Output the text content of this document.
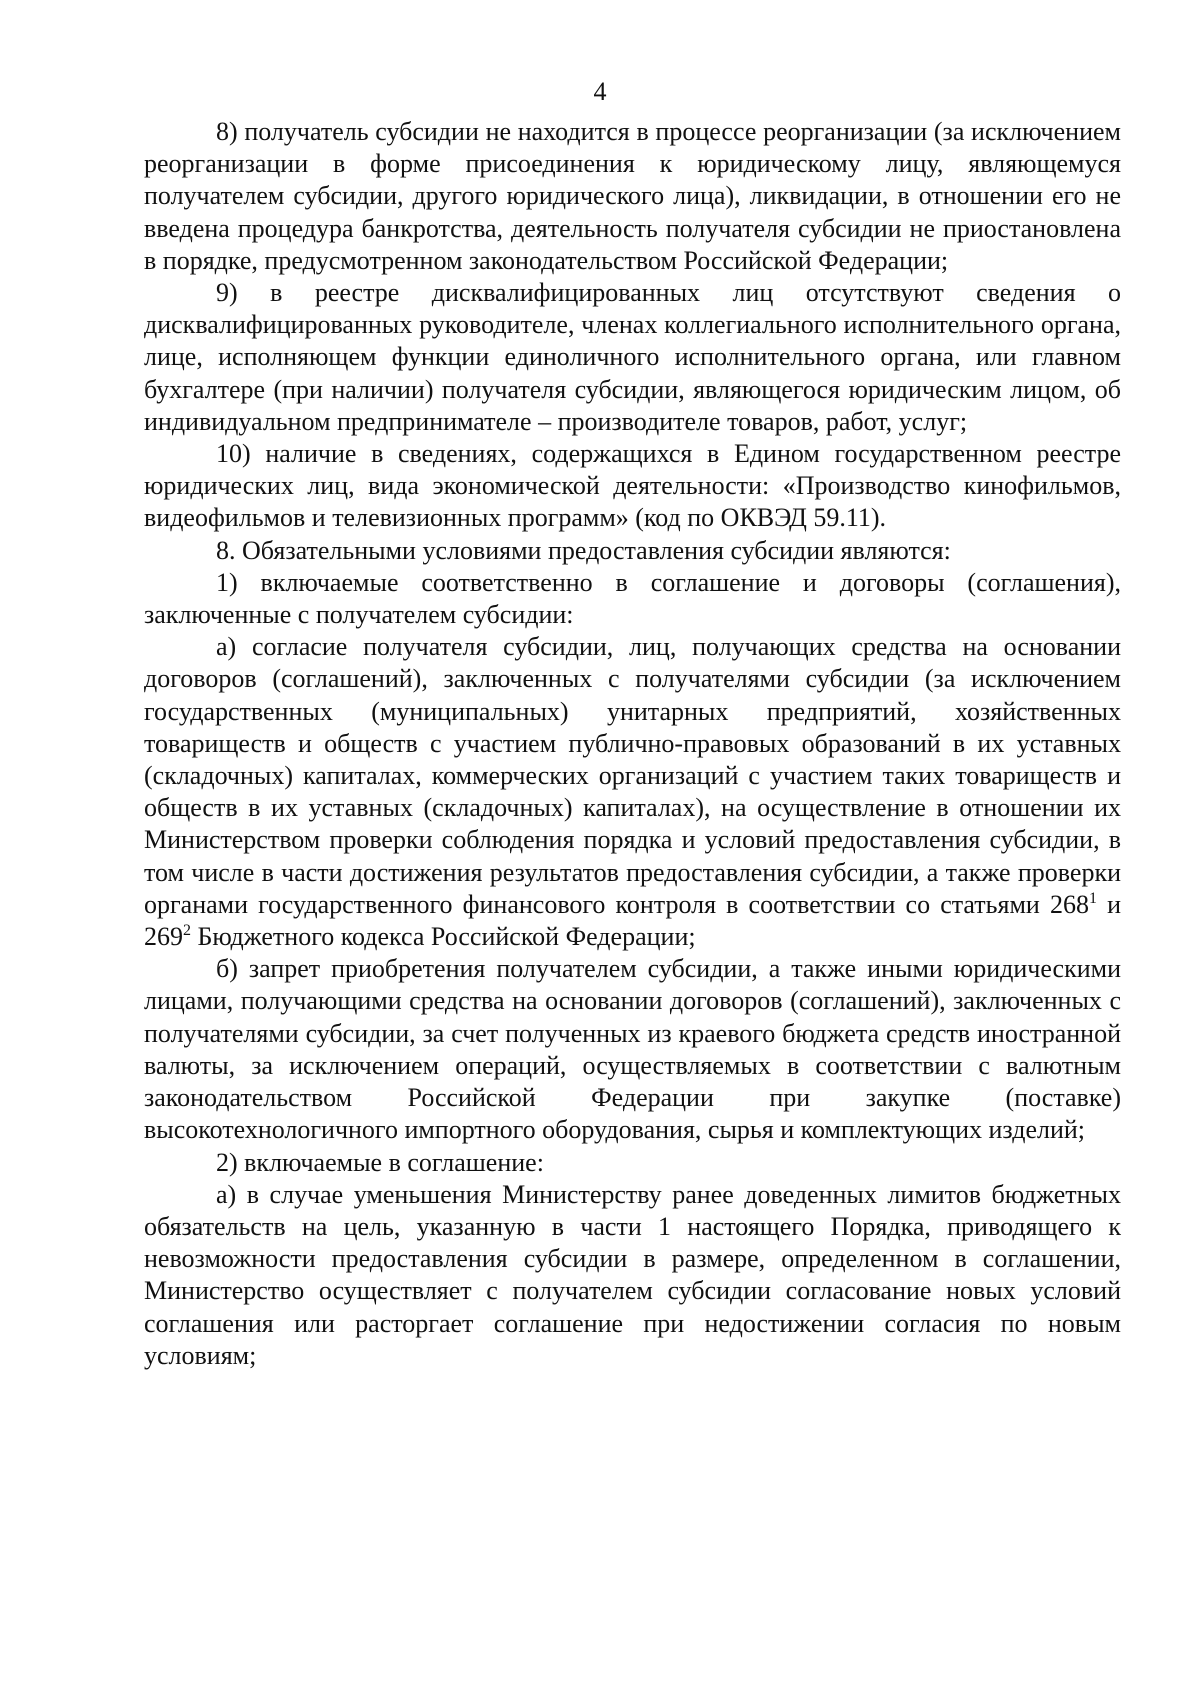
4

8) получатель субсидии не находится в процессе реорганизации (за исключением реорганизации в форме присоединения к юридическому лицу, являющемуся получателем субсидии, другого юридического лица), ликвидации, в отношении его не введена процедура банкротства, деятельность получателя субсидии не приостановлена в порядке, предусмотренном законодательством Российской Федерации;

9) в реестре дисквалифицированных лиц отсутствуют сведения о дисквалифицированных руководителе, членах коллегиального исполнительного органа, лице, исполняющем функции единоличного исполнительного органа, или главном бухгалтере (при наличии) получателя субсидии, являющегося юридическим лицом, об индивидуальном предпринимателе – производителе товаров, работ, услуг;

10) наличие в сведениях, содержащихся в Едином государственном реестре юридических лиц, вида экономической деятельности: «Производство кинофильмов, видеофильмов и телевизионных программ» (код по ОКВЭД 59.11).

8. Обязательными условиями предоставления субсидии являются:

1) включаемые соответственно в соглашение и договоры (соглашения), заключенные с получателем субсидии:

а) согласие получателя субсидии, лиц, получающих средства на основании договоров (соглашений), заключенных с получателями субсидии (за исключением государственных (муниципальных) унитарных предприятий, хозяйственных товариществ и обществ с участием публично-правовых образований в их уставных (складочных) капиталах, коммерческих организаций с участием таких товариществ и обществ в их уставных (складочных) капиталах), на осуществление в отношении их Министерством проверки соблюдения порядка и условий предоставления субсидии, в том числе в части достижения результатов предоставления субсидии, а также проверки органами государственного финансового контроля в соответствии со статьями $268^1$ и $269^2$ Бюджетного кодекса Российской Федерации;

б) запрет приобретения получателем субсидии, а также иными юридическими лицами, получающими средства на основании договоров (соглашений), заключенных с получателями субсидии, за счет полученных из краевого бюджета средств иностранной валюты, за исключением операций, осуществляемых в соответствии с валютным законодательством Российской Федерации при закупке (поставке) высокотехнологичного импортного оборудования, сырья и комплектующих изделий;

2) включаемые в соглашение:

а) в случае уменьшения Министерству ранее доведенных лимитов бюджетных обязательств на цель, указанную в части 1 настоящего Порядка, приводящего к невозможности предоставления субсидии в размере, определенном в соглашении, Министерство осуществляет с получателем субсидии согласование новых условий соглашения или расторгает соглашение при недостижении согласия по новым условиям;
